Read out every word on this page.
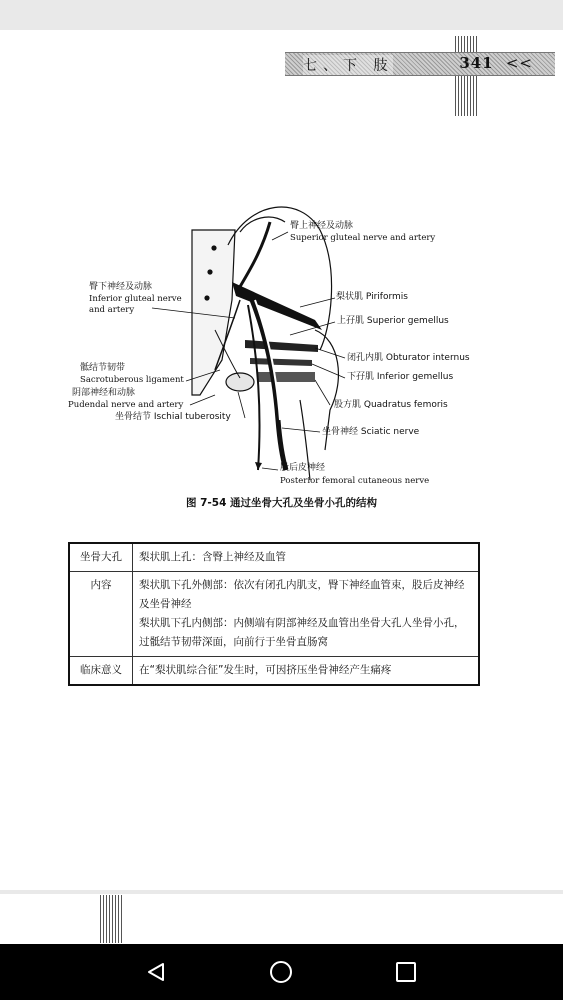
七、下 肢	341 <<
臀上神经及动脉
Superior gluteal nerve and artery
臀下神经及动脉
Inferior gluteal nerve
and artery
梨状肌 Piriformis
上孖肌 Superior gemellus
闭孔内肌 Obturator internus
下孖肌 Inferior gemellus
骶结节韧带
Sacrotuberous ligament
阴部神经和动脉
Pudendal nerve and artery	股方肌 Quadratus femoris
坐骨结节 Ischial tuberosity
坐骨神经 Sciatic nerve
股后皮神经
Posterior femoral cutaneous nerve
图 7-54 通过坐骨大孔及坐骨小孔的结构
坐骨大孔	梨状肌上孔：含臀上神经及血管
内容	梨状肌下孔外侧部：依次有闭孔内肌支，臀下神经血管束，股后皮神经及坐骨神经
梨状肌下孔内侧部：内侧端有阴部神经及血管出坐骨大孔人坐骨小孔，过骶结节韧带深面，向前行于坐骨直肠窝
临床意义	在“梨状肌综合征”发生时，可因挤压坐骨神经产生痛疼
